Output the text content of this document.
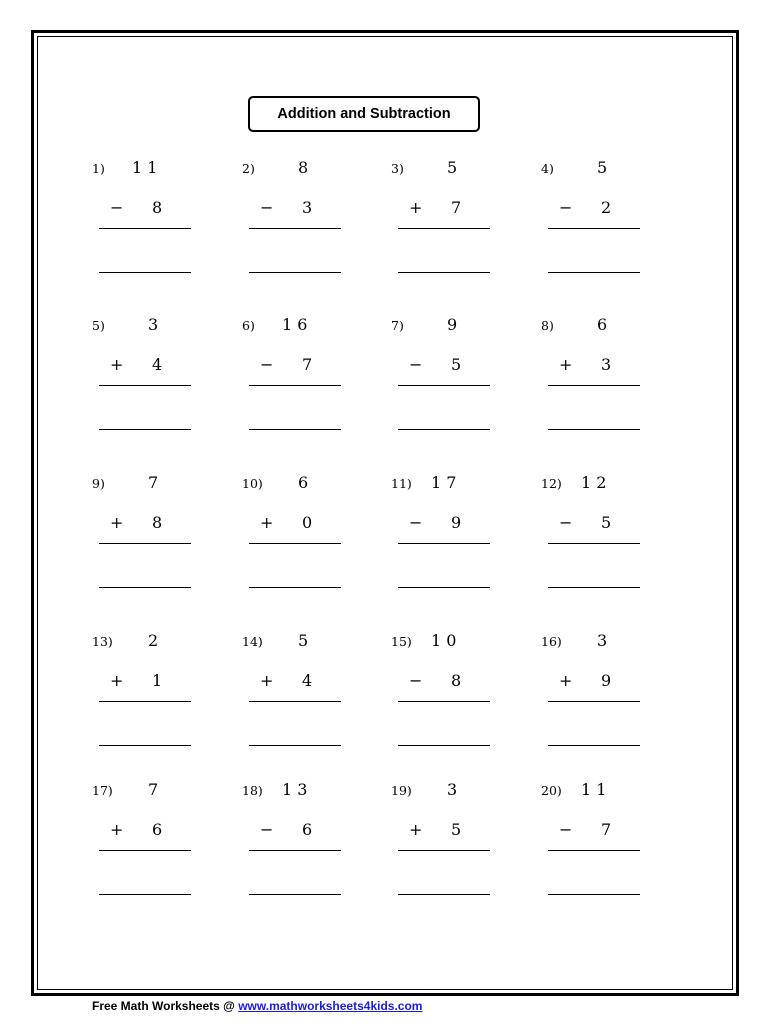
Addition and Subtraction
1) 1 1
− 8
2)	8
− 3
3)	5
+ 7
4)	5
− 2
5)	3
+ 4
6) 1 6
− 7
7)	9
− 5
8)	6
+ 3
9)	7
+ 8
10) 6
+ 0
11) 1 7
− 9
12) 1 2
− 5
13) 2
+ 1
14) 5
+ 4
15) 1 0
− 8
16) 3
+ 9
17) 7
+ 6
18) 1 3
− 6
19) 3
+ 5
20) 1 1
− 7
Free Math Worksheets @ www.mathworksheets4kids.com
